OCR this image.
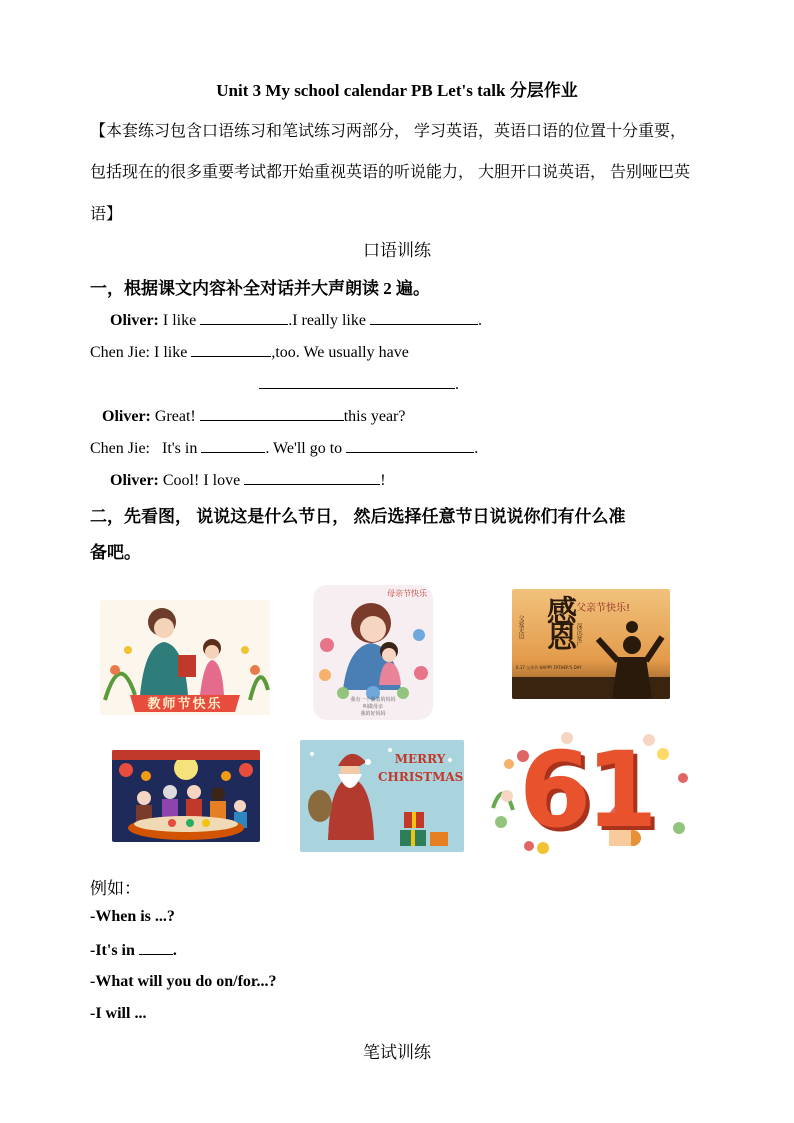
Unit 3 My school calendar PB Let's talk 分层作业
【本套练习包含口语练习和笔试练习两部分， 学习英语，英语口语的位置十分重要，
包括现在的很多重要考试都开始重视英语的听说能力， 大胆开口说英语， 告别哑巴英
语】
口语训练
一，根据课文内容补全对话并大声朗读 2 遍。
Oliver: I like	.I really like	.
Chen Jie: I like	,too. We usually have
.
Oliver: Great!	this year?
Chen Jie:   It's in	. We'll go to	.
Oliver: Cool! I love	!
二，先看图， 说说这是什么节日， 然后选择任意节日说说你们有什么准
备吧。
教师节快乐
母亲节快乐
我有一个温柔的妈妈
叫做母亲
我的好妈妈
感恩 父亲节快乐!
父爱无边	深沉宽广
6.17 父亲节 HAPPY FATHER'S DAY
MERRY
CHRISTMAS 61
例如：
-When is ...?
-It's in .
-What will you do on/for...?
-I will ...
笔试训练
